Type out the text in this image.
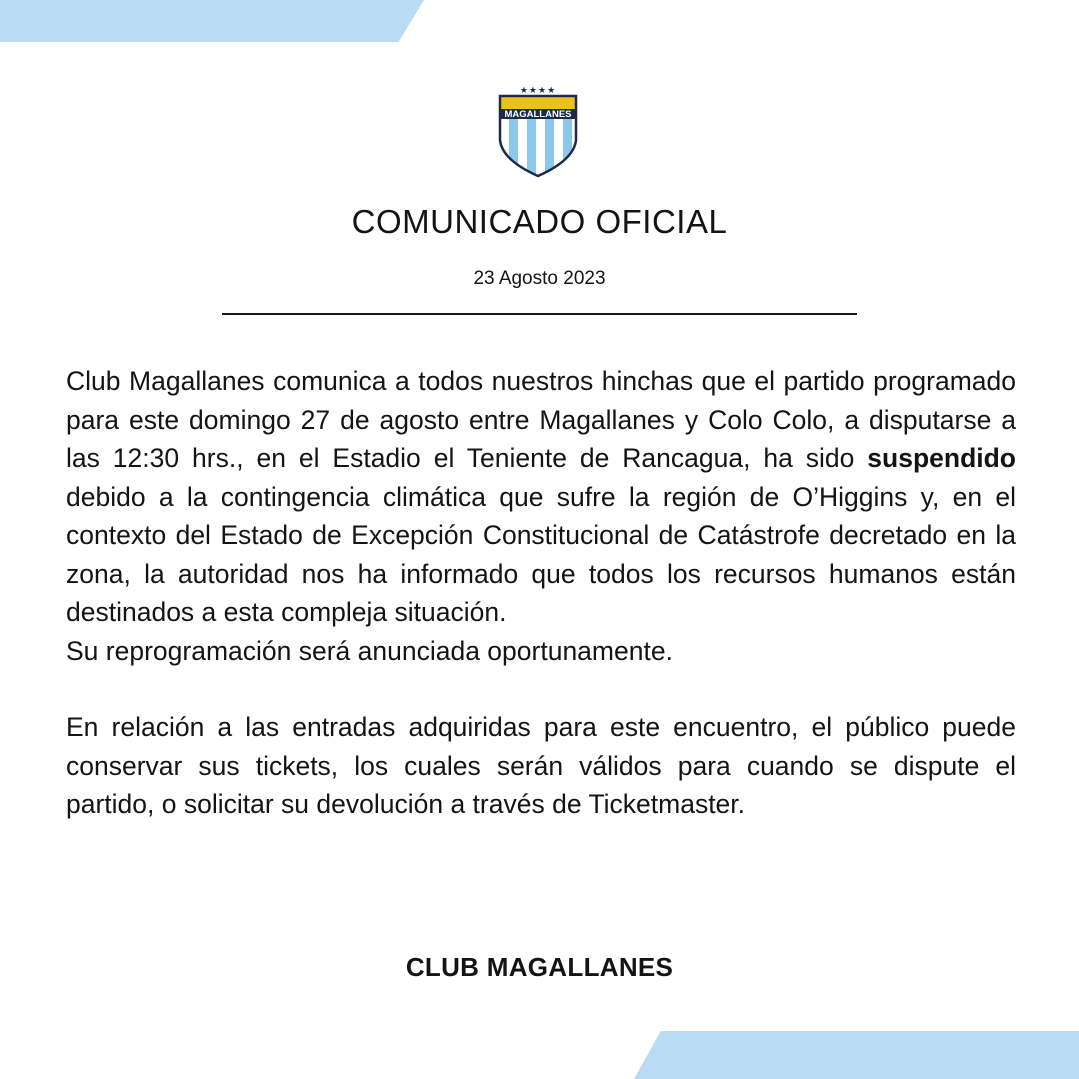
★★★★
MAGALLANES
COMUNICADO OFICIAL
23 Agosto 2023

Club Magallanes comunica a todos nuestros hinchas que el partido programado para este domingo 27 de agosto entre Magallanes y Colo Colo, a disputarse a las 12:30 hrs., en el Estadio el Teniente de Rancagua, ha sido suspendido debido a la contingencia climática que sufre la región de O’Higgins y, en el contexto del Estado de Excepción Constitucional de Catástrofe decretado en la zona, la autoridad nos ha informado que todos los recursos humanos están destinados a esta compleja situación.

Su reprogramación será anunciada oportunamente.

En relación a las entradas adquiridas para este encuentro, el público puede conservar sus tickets, los cuales serán válidos para cuando se dispute el partido, o solicitar su devolución a través de Ticketmaster.

CLUB MAGALLANES
